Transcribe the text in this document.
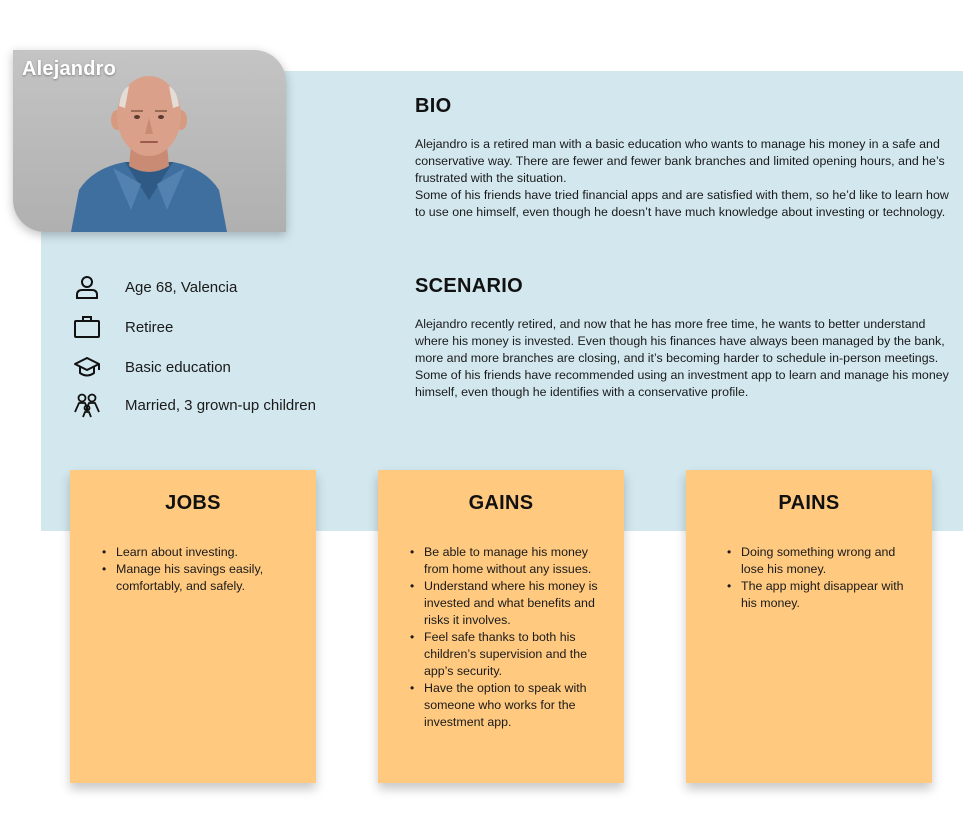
Alejandro
Age 68, Valencia
Retiree
Basic education
Married, 3 grown-up children
BIO

Alejandro is a retired man with a basic education who wants to manage his money in a safe and conservative way. There are fewer and fewer bank branches and limited opening hours, and he’s frustrated with the situation.

Some of his friends have tried financial apps and are satisfied with them, so he’d like to learn how to use one himself, even though he doesn’t have much knowledge about investing or technology.

SCENARIO

Alejandro recently retired, and now that he has more free time, he wants to better understand where his money is invested. Even though his finances have always been managed by the bank, more and more branches are closing, and it’s becoming harder to schedule in-person meetings. Some of his friends have recommended using an investment app to learn and manage his money himself, even though he identifies with a conservative profile.

JOBS
• Learn about investing.
• Manage his savings easily, comfortably, and safely.
GAINS
• Be able to manage his money from home without any issues.
• Understand where his money is invested and what benefits and risks it involves.
• Feel safe thanks to both his children’s supervision and the app’s security.
• Have the option to speak with someone who works for the investment app.
PAINS
• Doing something wrong and lose his money.
• The app might disappear with his money.
